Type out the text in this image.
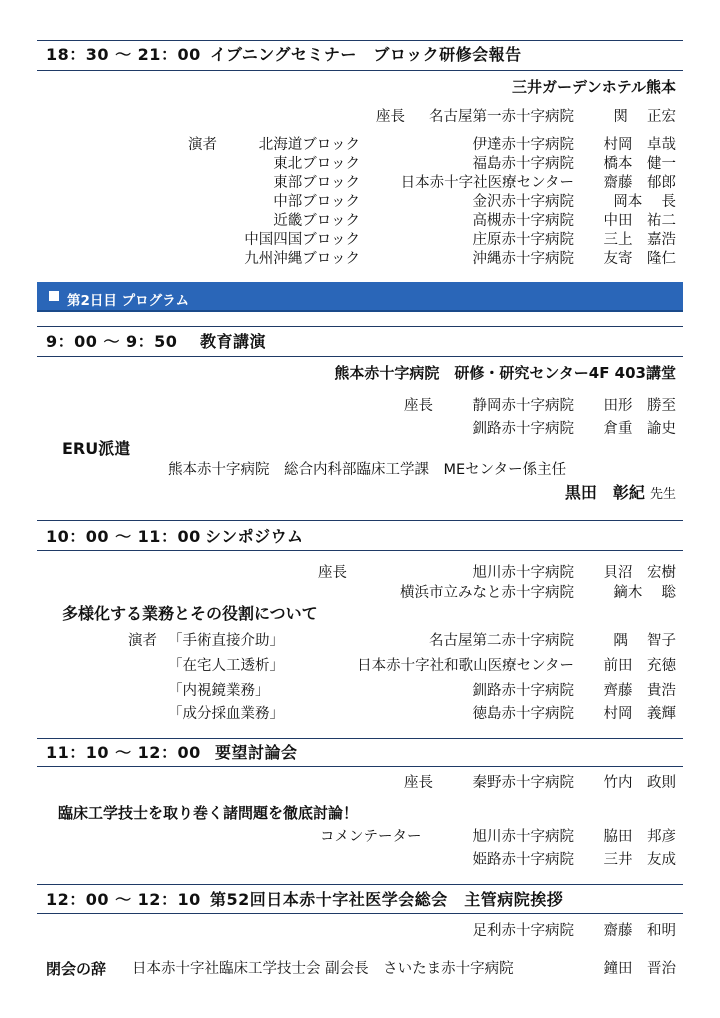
18：30 〜 21：00 イブニングセミナー　ブロック研修会報告
三井ガーデンホテル熊本
座長 名古屋第一赤十字病院	関　 正宏
演者	北海道ブロック	伊達赤十字病院 村岡　卓哉
東北ブロック	福島赤十字病院 橋本　健一
東部ブロック	日本赤十字社医療センター 齋藤　郁郎
中部ブロック	金沢赤十字病院	岡本　 長
近畿ブロック	高槻赤十字病院 中田　祐二
中国四国ブロック	庄原赤十字病院 三上　嘉浩
九州沖縄ブロック	沖縄赤十字病院 友寄　隆仁
第2日目 プログラム
9：00 〜 9：50 教育講演
熊本赤十字病院　研修・研究センター4F 403講堂
座長	静岡赤十字病院 田形　勝至
釧路赤十字病院 倉重　諭史
ERU派遣
熊本赤十字病院　総合内科部臨床工学課　MEセンター係主任
黒田　彰紀 先生
10：00 〜 11：00 シンポジウム
座長	旭川赤十字病院 貝沼　宏樹
横浜市立みなと赤十字病院	鏑木　 聡
多様化する業務とその役割について
演者 「手術直接介助」	名古屋第二赤十字病院	隅　 智子
「在宅人工透析」	日本赤十字社和歌山医療センター 前田　充徳
「内視鏡業務」	釧路赤十字病院 齊藤　貴浩
「成分採血業務」	徳島赤十字病院 村岡　義輝
11：10 〜 12：00 要望討論会
座長	秦野赤十字病院 竹内　政則
臨床工学技士を取り巻く諸問題を徹底討論！
コメンテーター	旭川赤十字病院 脇田　邦彦
姫路赤十字病院 三井　友成
12：00 〜 12：10 第52回日本赤十字社医学会総会　主管病院挨拶
足利赤十字病院 齋藤　和明
閉会の辞 日本赤十字社臨床工学技士会 副会長　さいたま赤十字病院	鐘田　晋治
